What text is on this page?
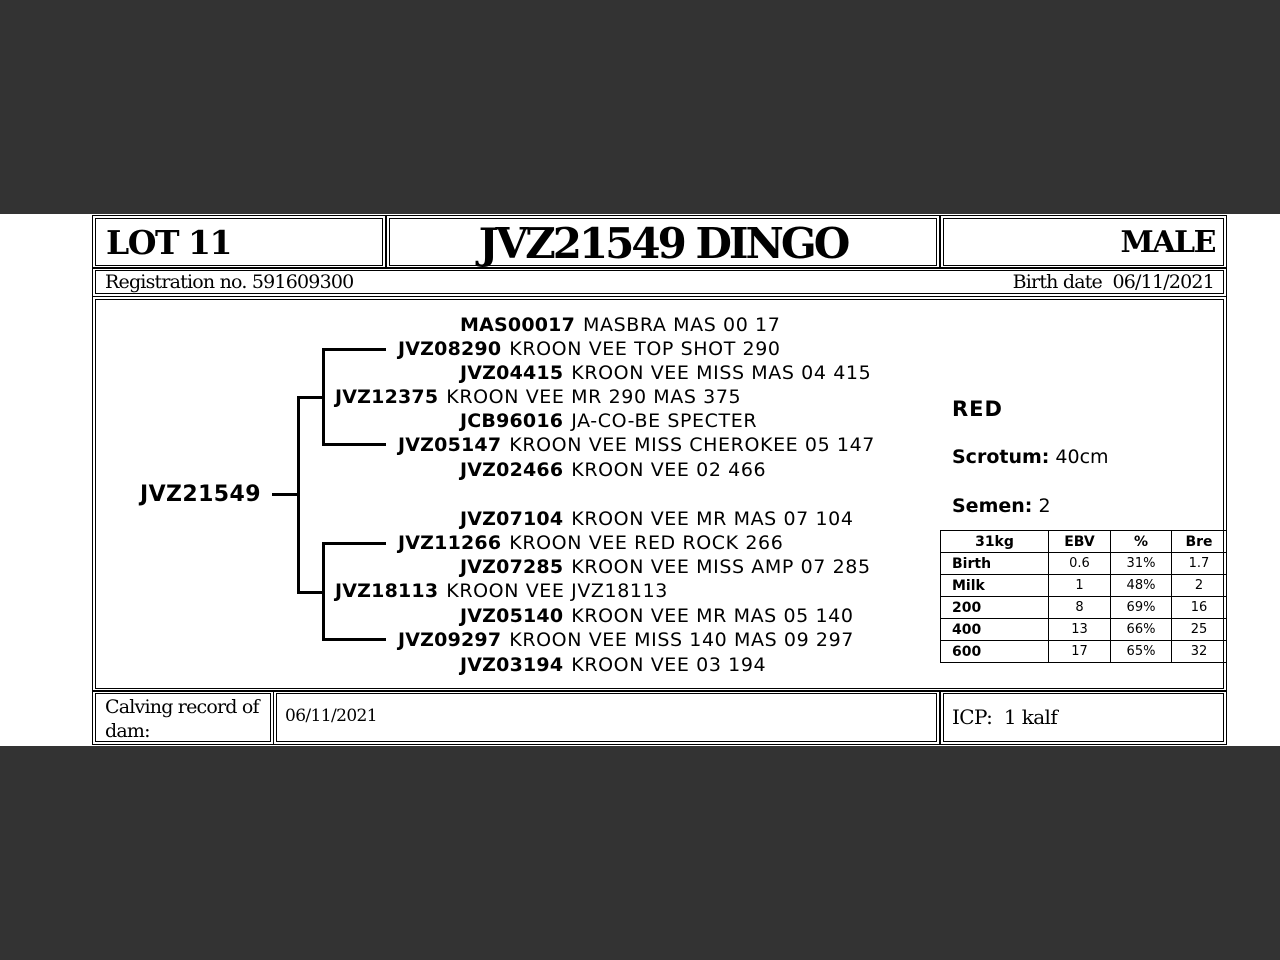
LOT 11	JVZ21549 DINGO	MALE
Registration no. 591609300	Birth date 06/11/2021
JVZ21549
MAS00017 MASBRA MAS 00 17
JVZ08290 KROON VEE TOP SHOT 290
JVZ04415 KROON VEE MISS MAS 04 415
JVZ12375 KROON VEE MR 290 MAS 375
JCB96016 JA-CO-BE SPECTER
JVZ05147 KROON VEE MISS CHEROKEE 05 147
JVZ02466 KROON VEE 02 466
JVZ07104 KROON VEE MR MAS 07 104
JVZ11266 KROON VEE RED ROCK 266
JVZ07285 KROON VEE MISS AMP 07 285
JVZ18113 KROON VEE JVZ18113
JVZ05140 KROON VEE MR MAS 05 140
JVZ09297 KROON VEE MISS 140 MAS 09 297
JVZ03194 KROON VEE 03 194
RED
Scrotum: 40cm
Semen: 2
31kg	EBV	%	Bre
Birth	0.6	31%	1.7
Milk	1	48%	2
200	8	69%	16
400	13	66%	25
600	17	65%	32
Calving record of dam:
06/11/2021	ICP: 1 kalf
